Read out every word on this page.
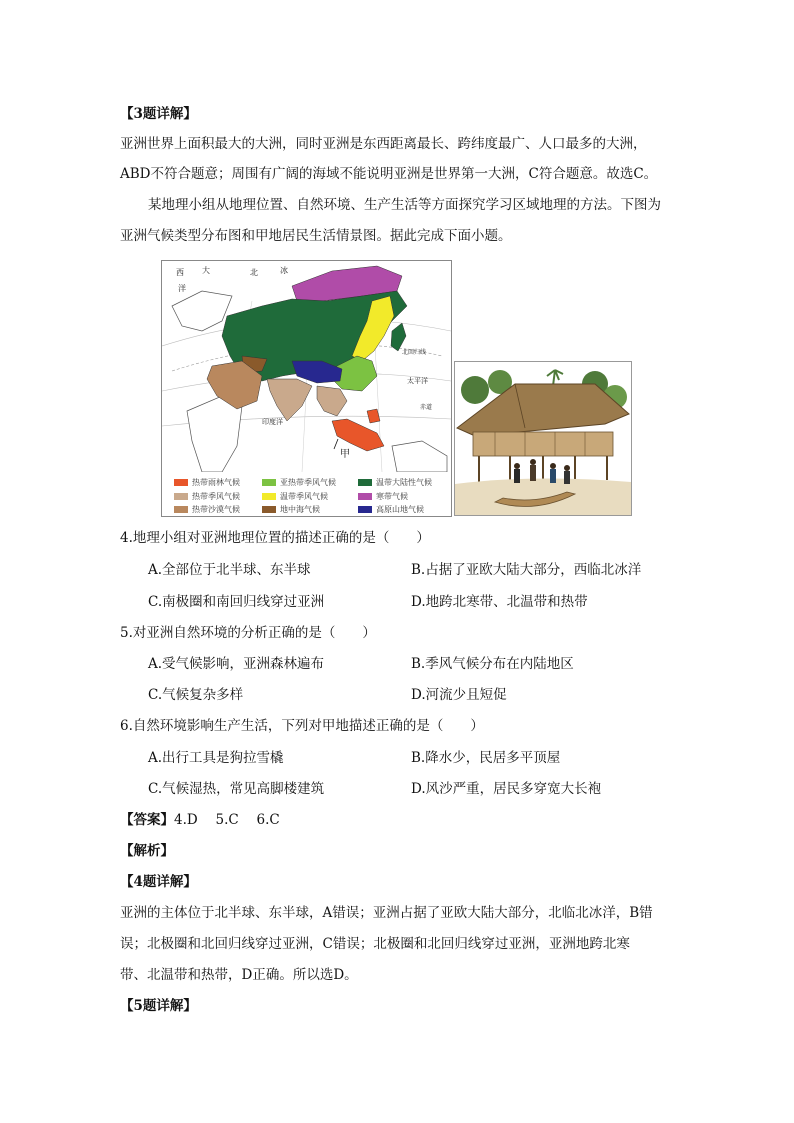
【3题详解】
亚洲世界上面积最大的大洲，同时亚洲是东西距离最长、跨纬度最广、人口最多的大洲，
ABD不符合题意；周围有广阔的海域不能说明亚洲是世界第一大洲，C符合题意。故选C。
某地理小组从地理位置、自然环境、生产生活等方面探究学习区域地理的方法。下图为
亚洲气候类型分布图和甲地居民生活情景图。据此完成下面小题。
西 大
洋
北	冰
北回归线
太平洋
印度洋
赤道
甲
热带雨林气候	亚热带季风气候	温带大陆性气候
热带季风气候	温带季风气候	寒带气候
热带沙漠气候	地中海气候	高原山地气候
4.地理小组对亚洲地理位置的描述正确的是（　　）
A.全部位于北半球、东半球	B.占据了亚欧大陆大部分，西临北冰洋
C.南极圈和南回归线穿过亚洲	D.地跨北寒带、北温带和热带
5.对亚洲自然环境的分析正确的是（　　）
A.受气候影响，亚洲森林遍布	B.季风气候分布在内陆地区
C.气候复杂多样	D.河流少且短促
6.自然环境影响生产生活，下列对甲地描述正确的是（　　）
A.出行工具是狗拉雪橇	B.降水少，民居多平顶屋
C.气候湿热，常见高脚楼建筑	D.风沙严重，居民多穿宽大长袍
【答案】4.D　 5.C　 6.C
【解析】
【4题详解】
亚洲的主体位于北半球、东半球，A错误；亚洲占据了亚欧大陆大部分，北临北冰洋，B错
误；北极圈和北回归线穿过亚洲，C错误；北极圈和北回归线穿过亚洲，亚洲地跨北寒
带、北温带和热带，D正确。所以选D。
【5题详解】
